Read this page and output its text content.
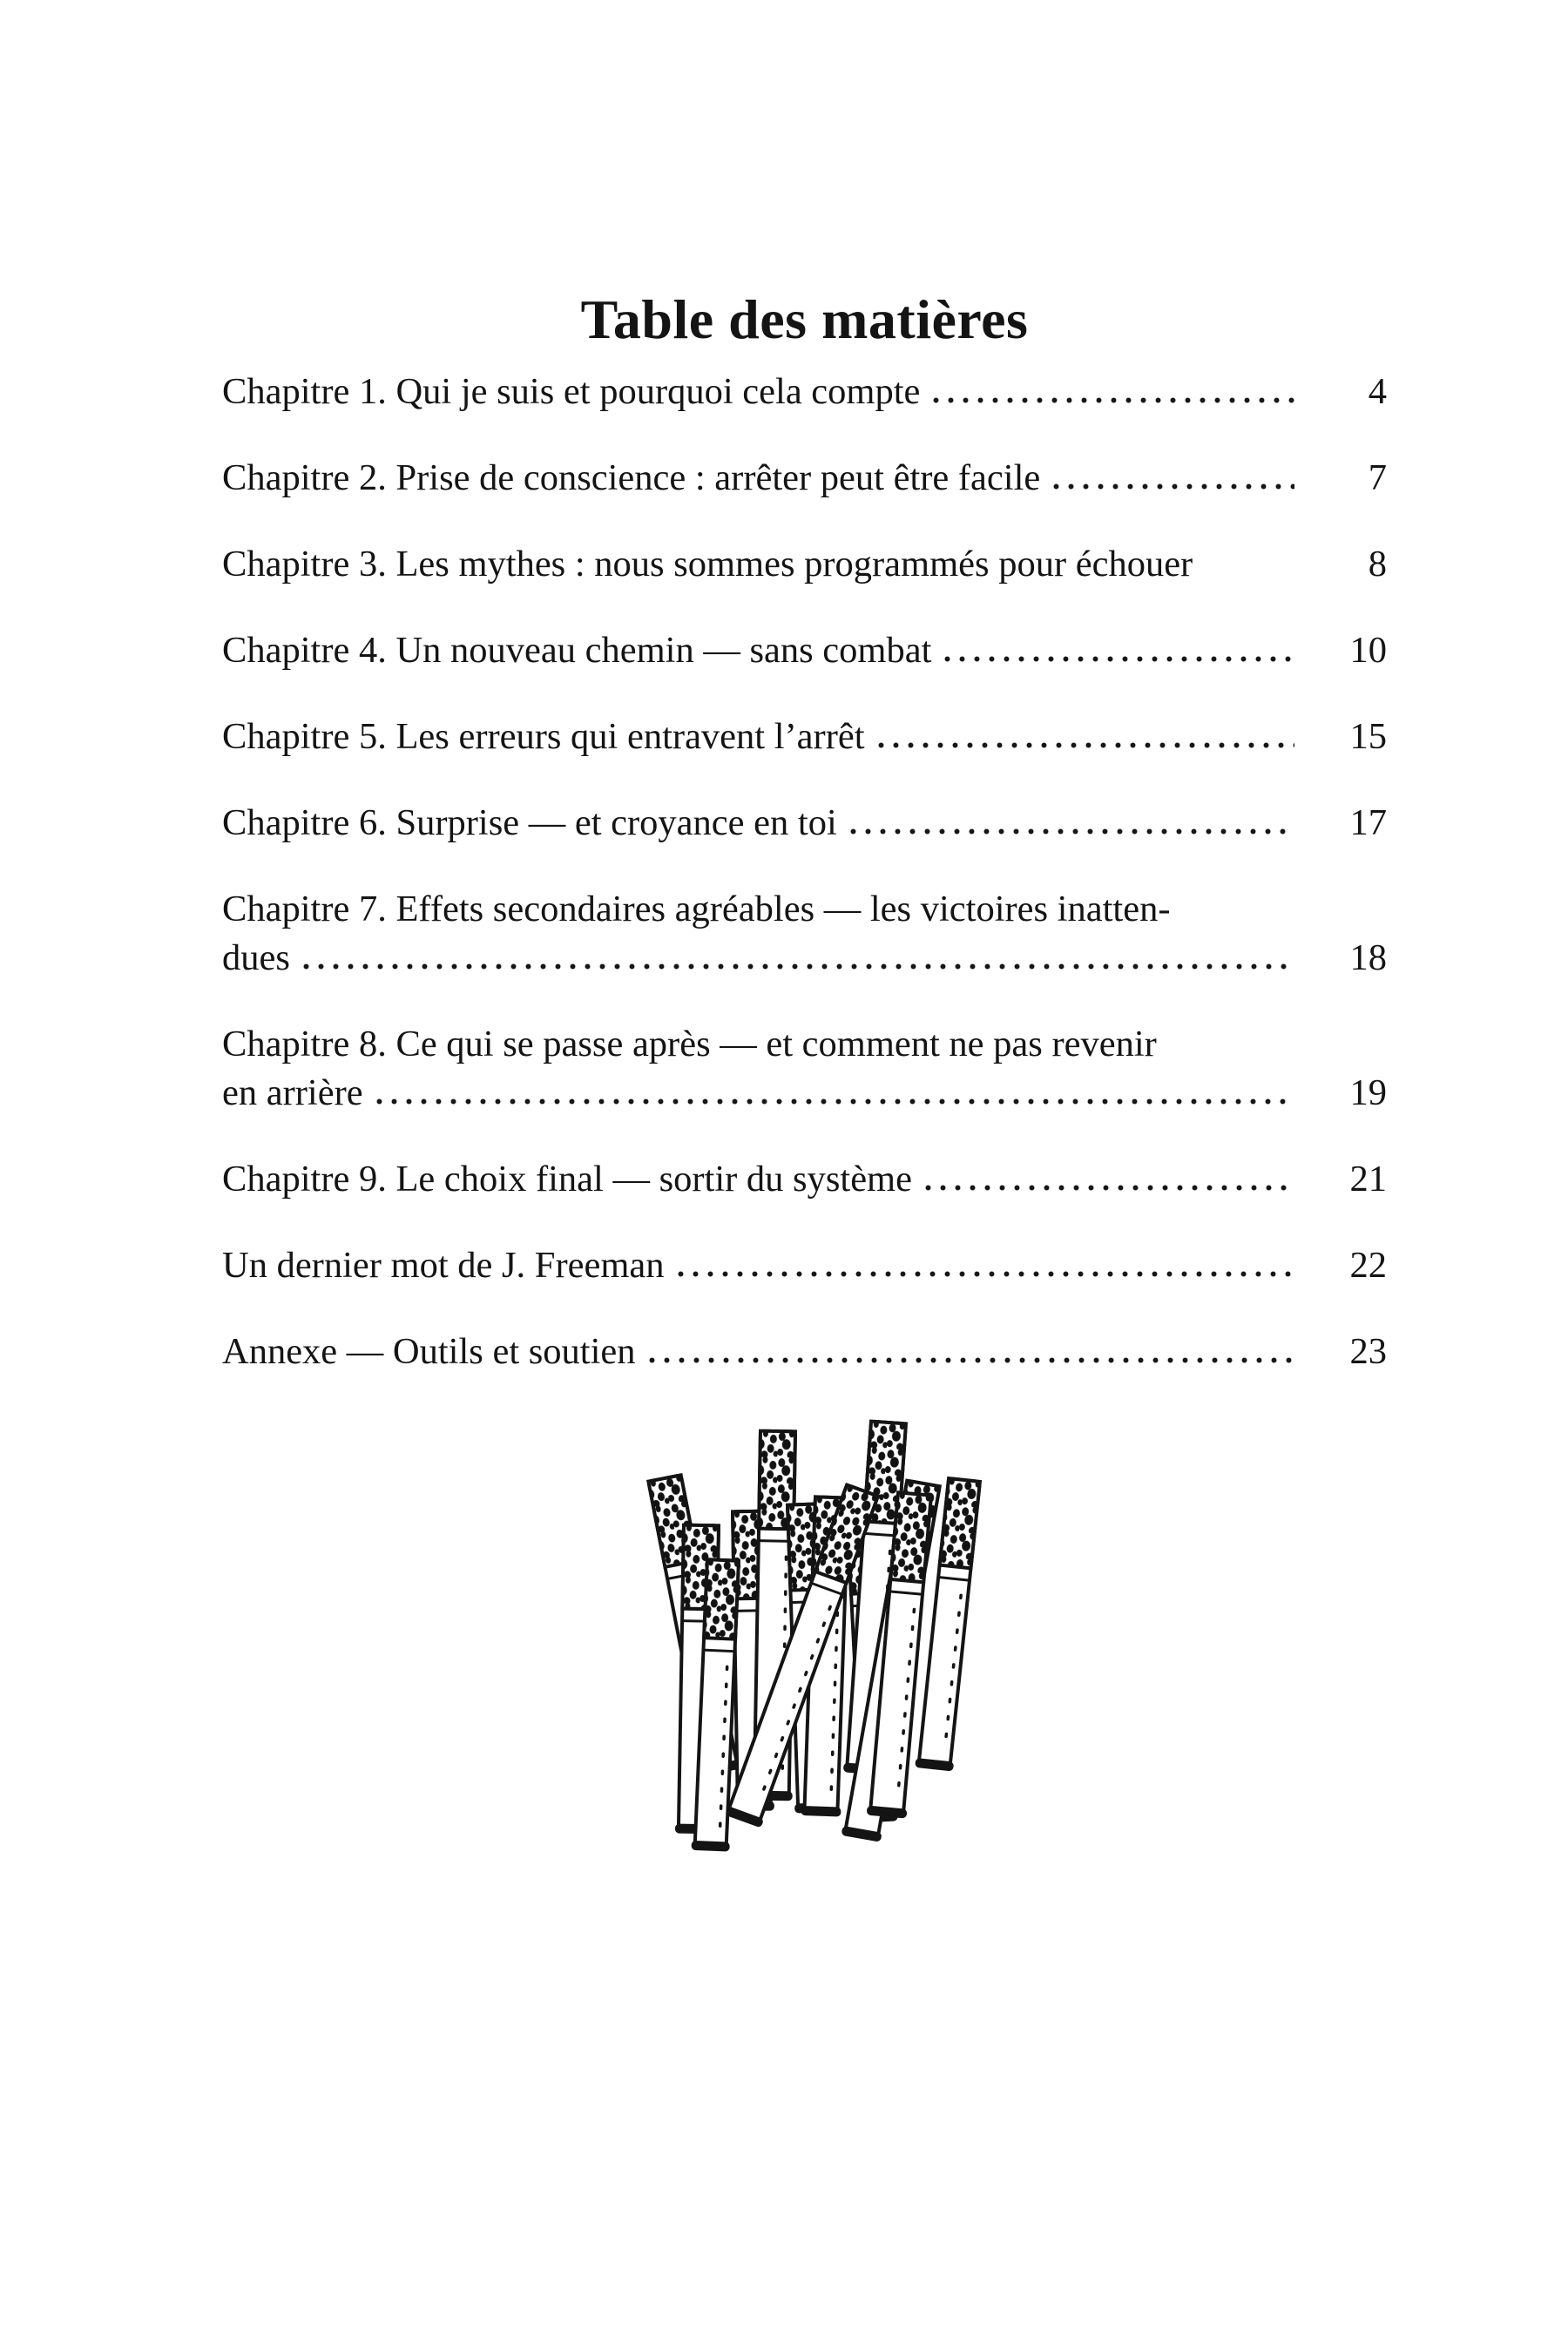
Table des matières
Chapitre 1. Qui je suis et pourquoi cela compte	4
Chapitre 2. Prise de conscience : arrêter peut être facile	7
Chapitre 3. Les mythes : nous sommes programmés pour échouer	8
Chapitre 4. Un nouveau chemin — sans combat	10
Chapitre 5. Les erreurs qui entravent l’arrêt	15
Chapitre 6. Surprise — et croyance en toi	17
Chapitre 7. Effets secondaires agréables — les victoires inatten-
dues	18
Chapitre 8. Ce qui se passe après — et comment ne pas revenir
en arrière	19
Chapitre 9. Le choix final — sortir du système	21
Un dernier mot de J. Freeman	22
Annexe — Outils et soutien	23
